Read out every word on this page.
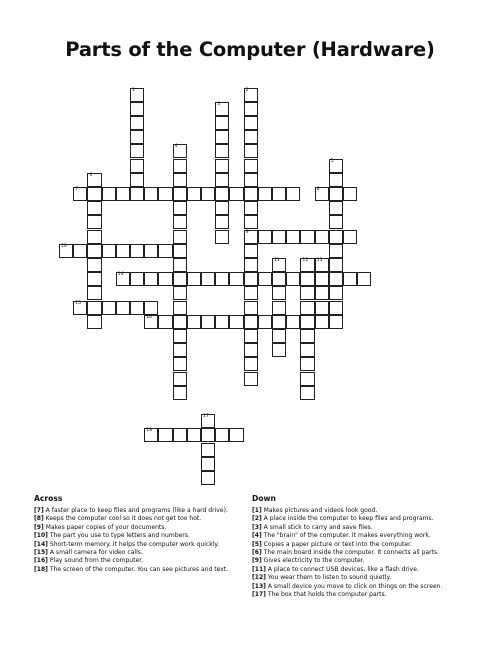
Parts of the Computer (Hardware)
1	2
9
3
4
5
6
7	8
10
11	12 13
14
15
16
17
18
Across
[7] A faster place to keep files and programs (like a hard drive).
[8] Keeps the computer cool so it does not get too hot.
[9] Makes paper copies of your documents.
[10] The part you use to type letters and numbers.
[14] Short-term memory. It helps the computer work quickly.
[15] A small camera for video calls.
[16] Play sound from the computer.
[18] The screen of the computer. You can see pictures and text.
Down
[1] Makes pictures and videos look good.
[2] A place inside the computer to keep files and programs.
[3] A small stick to carry and save files.
[4] The "brain" of the computer. It makes everything work.
[5] Copies a paper picture or text into the computer.
[6] The main board inside the computer. It connects all parts.
[9] Gives electricity to the computer.
[11] A place to connect USB devices, like a flash drive.
[12] You wear them to listen to sound quietly.
[13] A small device you move to click on things on the screen.
[17] The box that holds the computer parts.
